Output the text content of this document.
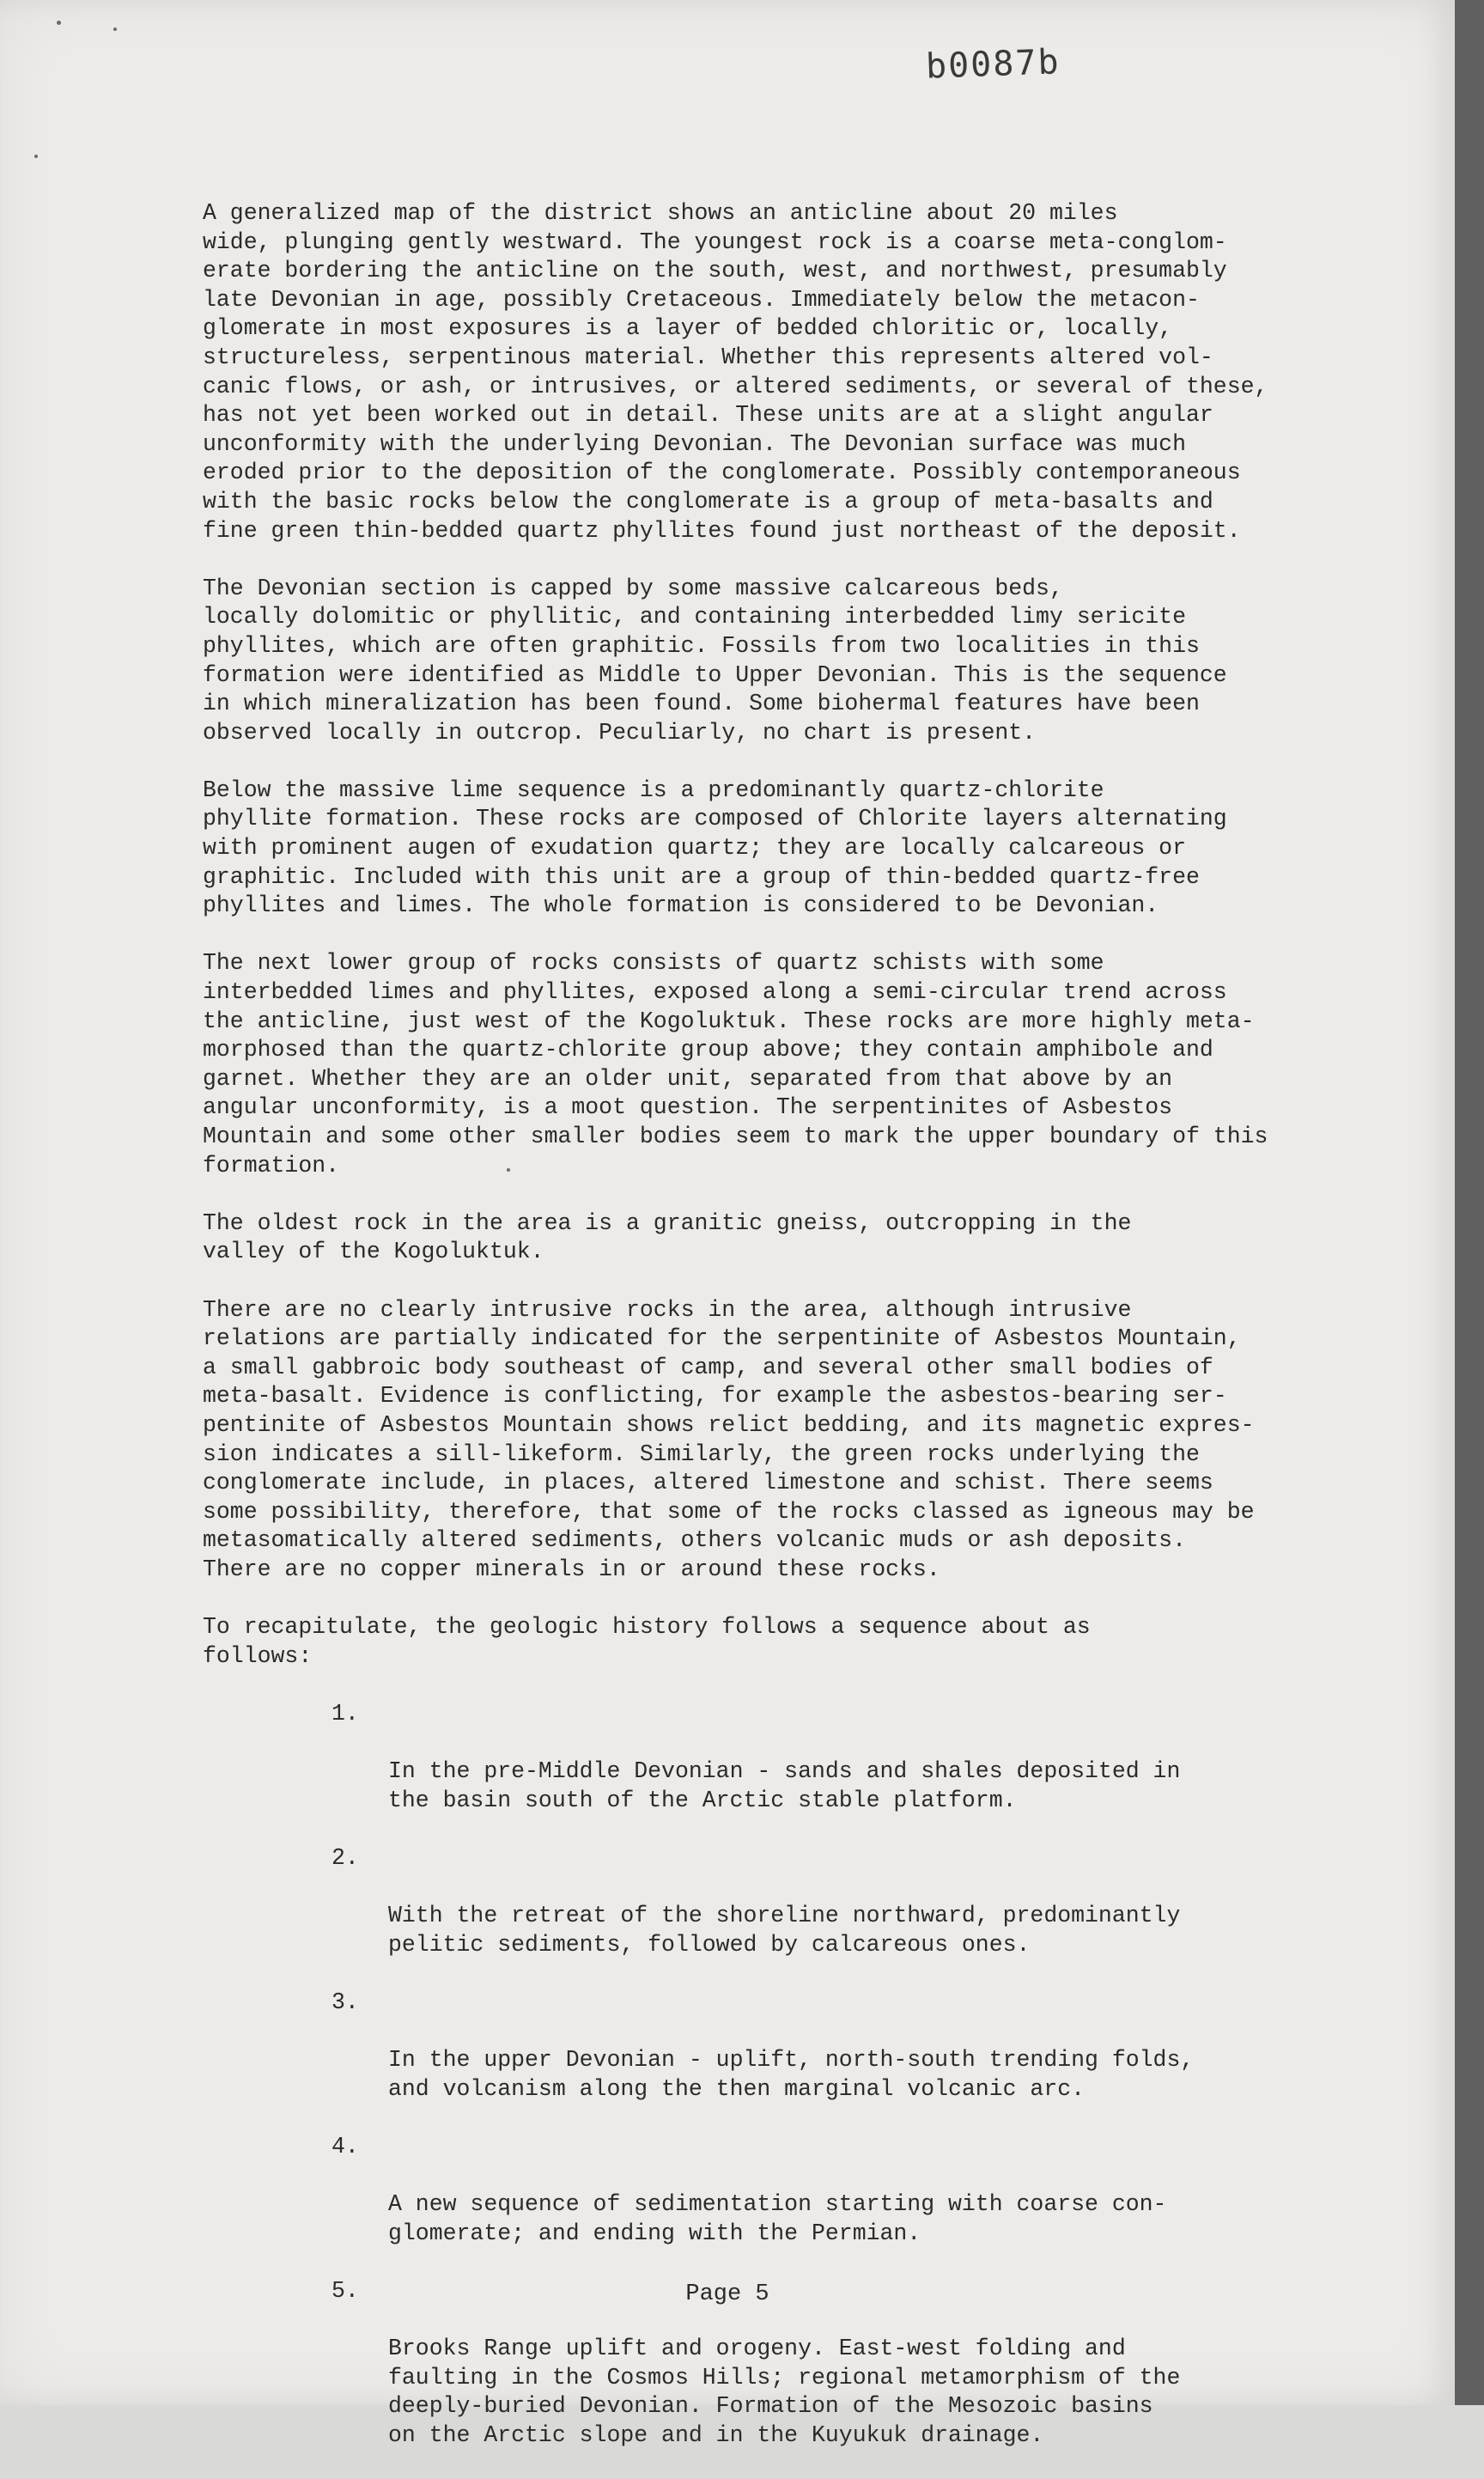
b0087b

A generalized map of the district shows an anticline about 20 miles
wide, plunging gently westward. The youngest rock is a coarse meta-conglom-
erate bordering the anticline on the south, west, and northwest, presumably
late Devonian in age, possibly Cretaceous. Immediately below the metacon-
glomerate in most exposures is a layer of bedded chloritic or, locally,
structureless, serpentinous material. Whether this represents altered vol-
canic flows, or ash, or intrusives, or altered sediments, or several of these,
has not yet been worked out in detail. These units are at a slight angular
unconformity with the underlying Devonian. The Devonian surface was much
eroded prior to the deposition of the conglomerate. Possibly contemporaneous
with the basic rocks below the conglomerate is a group of meta-basalts and
fine green thin-bedded quartz phyllites found just northeast of the deposit.

The Devonian section is capped by some massive calcareous beds,
locally dolomitic or phyllitic, and containing interbedded limy sericite
phyllites, which are often graphitic. Fossils from two localities in this
formation were identified as Middle to Upper Devonian. This is the sequence
in which mineralization has been found. Some biohermal features have been
observed locally in outcrop. Peculiarly, no chart is present.

Below the massive lime sequence is a predominantly quartz-chlorite
phyllite formation. These rocks are composed of Chlorite layers alternating
with prominent augen of exudation quartz; they are locally calcareous or
graphitic. Included with this unit are a group of thin-bedded quartz-free
phyllites and limes. The whole formation is considered to be Devonian.

The next lower group of rocks consists of quartz schists with some
interbedded limes and phyllites, exposed along a semi-circular trend across
the anticline, just west of the Kogoluktuk. These rocks are more highly meta-
morphosed than the quartz-chlorite group above; they contain amphibole and
garnet. Whether they are an older unit, separated from that above by an
angular unconformity, is a moot question. The serpentinites of Asbestos
Mountain and some other smaller bodies seem to mark the upper boundary of this
formation.

The oldest rock in the area is a granitic gneiss, outcropping in the
valley of the Kogoluktuk.

There are no clearly intrusive rocks in the area, although intrusive
relations are partially indicated for the serpentinite of Asbestos Mountain,
a small gabbroic body southeast of camp, and several other small bodies of
meta-basalt. Evidence is conflicting, for example the asbestos-bearing ser-
pentinite of Asbestos Mountain shows relict bedding, and its magnetic expres-
sion indicates a sill-likeform. Similarly, the green rocks underlying the
conglomerate include, in places, altered limestone and schist. There seems
some possibility, therefore, that some of the rocks classed as igneous may be
metasomatically altered sediments, others volcanic muds or ash deposits.
There are no copper minerals in or around these rocks.

To recapitulate, the geologic history follows a sequence about as
follows:

1.

In the pre-Middle Devonian - sands and shales deposited in
the basin south of the Arctic stable platform.

2.

With the retreat of the shoreline northward, predominantly
pelitic sediments, followed by calcareous ones.

3.

In the upper Devonian - uplift, north-south trending folds,
and volcanism along the then marginal volcanic arc.

4.

A new sequence of sedimentation starting with coarse con-
glomerate; and ending with the Permian.

5.

Brooks Range uplift and orogeny. East-west folding and
faulting in the Cosmos Hills; regional metamorphism of the
deeply-buried Devonian. Formation of the Mesozoic basins
on the Arctic slope and in the Kuyukuk drainage.

Page 5
